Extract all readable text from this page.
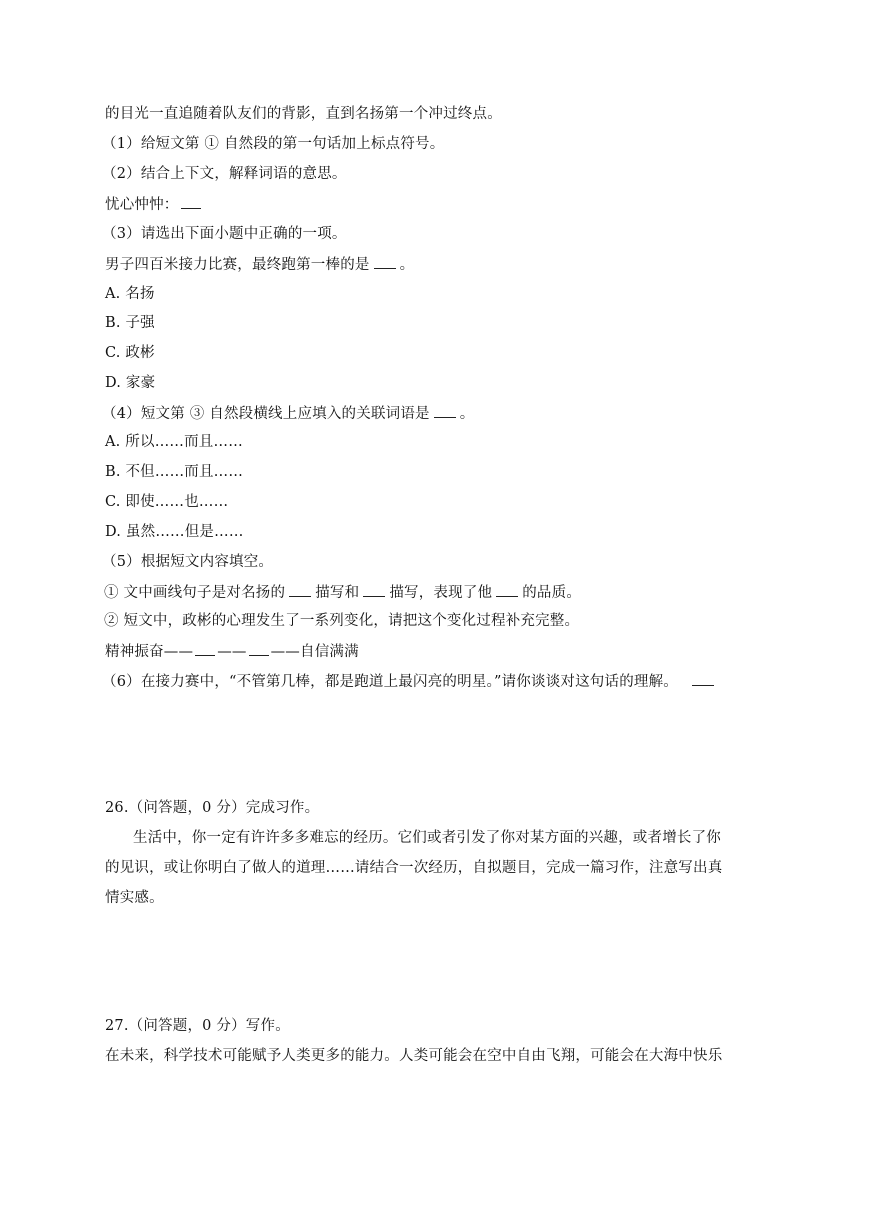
的目光一直追随着队友们的背影，直到名扬第一个冲过终点。
（1）给短文第 ① 自然段的第一句话加上标点符号。
（2）结合上下文，解释词语的意思。
忧心忡忡：
（3）请选出下面小题中正确的一项。
男子四百米接力比赛，最终跑第一棒的是 。
A. 名扬
B. 子强
C. 政彬
D. 家豪
（4）短文第 ③ 自然段横线上应填入的关联词语是 。
A. 所以……而且……
B. 不但……而且……
C. 即使……也……
D. 虽然……但是……
（5）根据短文内容填空。
① 文中画线句子是对名扬的 描写和 描写，表现了他 的品质。
② 短文中，政彬的心理发生了一系列变化，请把这个变化过程补充完整。
精神振奋—— —— ——自信满满
（6）在接力赛中，“不管第几棒，都是跑道上最闪亮的明星。”请你谈谈对这句话的理解。
26.（问答题，0 分）完成习作。
生活中，你一定有许许多多难忘的经历。它们或者引发了你对某方面的兴趣，或者增长了你
的见识，或让你明白了做人的道理……请结合一次经历，自拟题目，完成一篇习作，注意写出真
情实感。
27.（问答题，0 分）写作。
在未来，科学技术可能赋予人类更多的能力。人类可能会在空中自由飞翔，可能会在大海中快乐
